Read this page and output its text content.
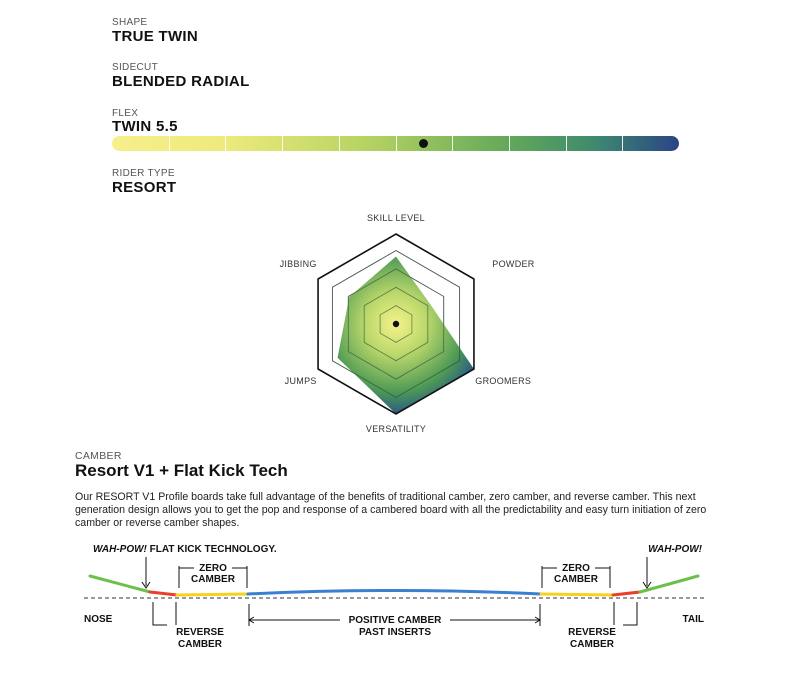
SHAPE
TRUE TWIN
SIDECUT
BLENDED RADIAL
FLEX
TWIN 5.5
RIDER TYPE
RESORT
SKILL LEVEL
POWDER
GROOMERS
VERSATILITY
JUMPS
JIBBING
WAH-POW! FLAT KICK TECHNOLOGY.	WAH-POW!
ZERO
CAMBER
ZERO
CAMBER
NOSE	TAIL
REVERSE
CAMBER
REVERSE
CAMBER
POSITIVE CAMBER
PAST INSERTS
CAMBER
Resort V1 + Flat Kick Tech
Our RESORT V1 Profile boards take full advantage of the benefits of traditional camber, zero camber, and reverse camber. This next generation design allows you to get the pop and response of a cambered board with all the predictability and easy turn initiation of zero camber or reverse camber shapes.
